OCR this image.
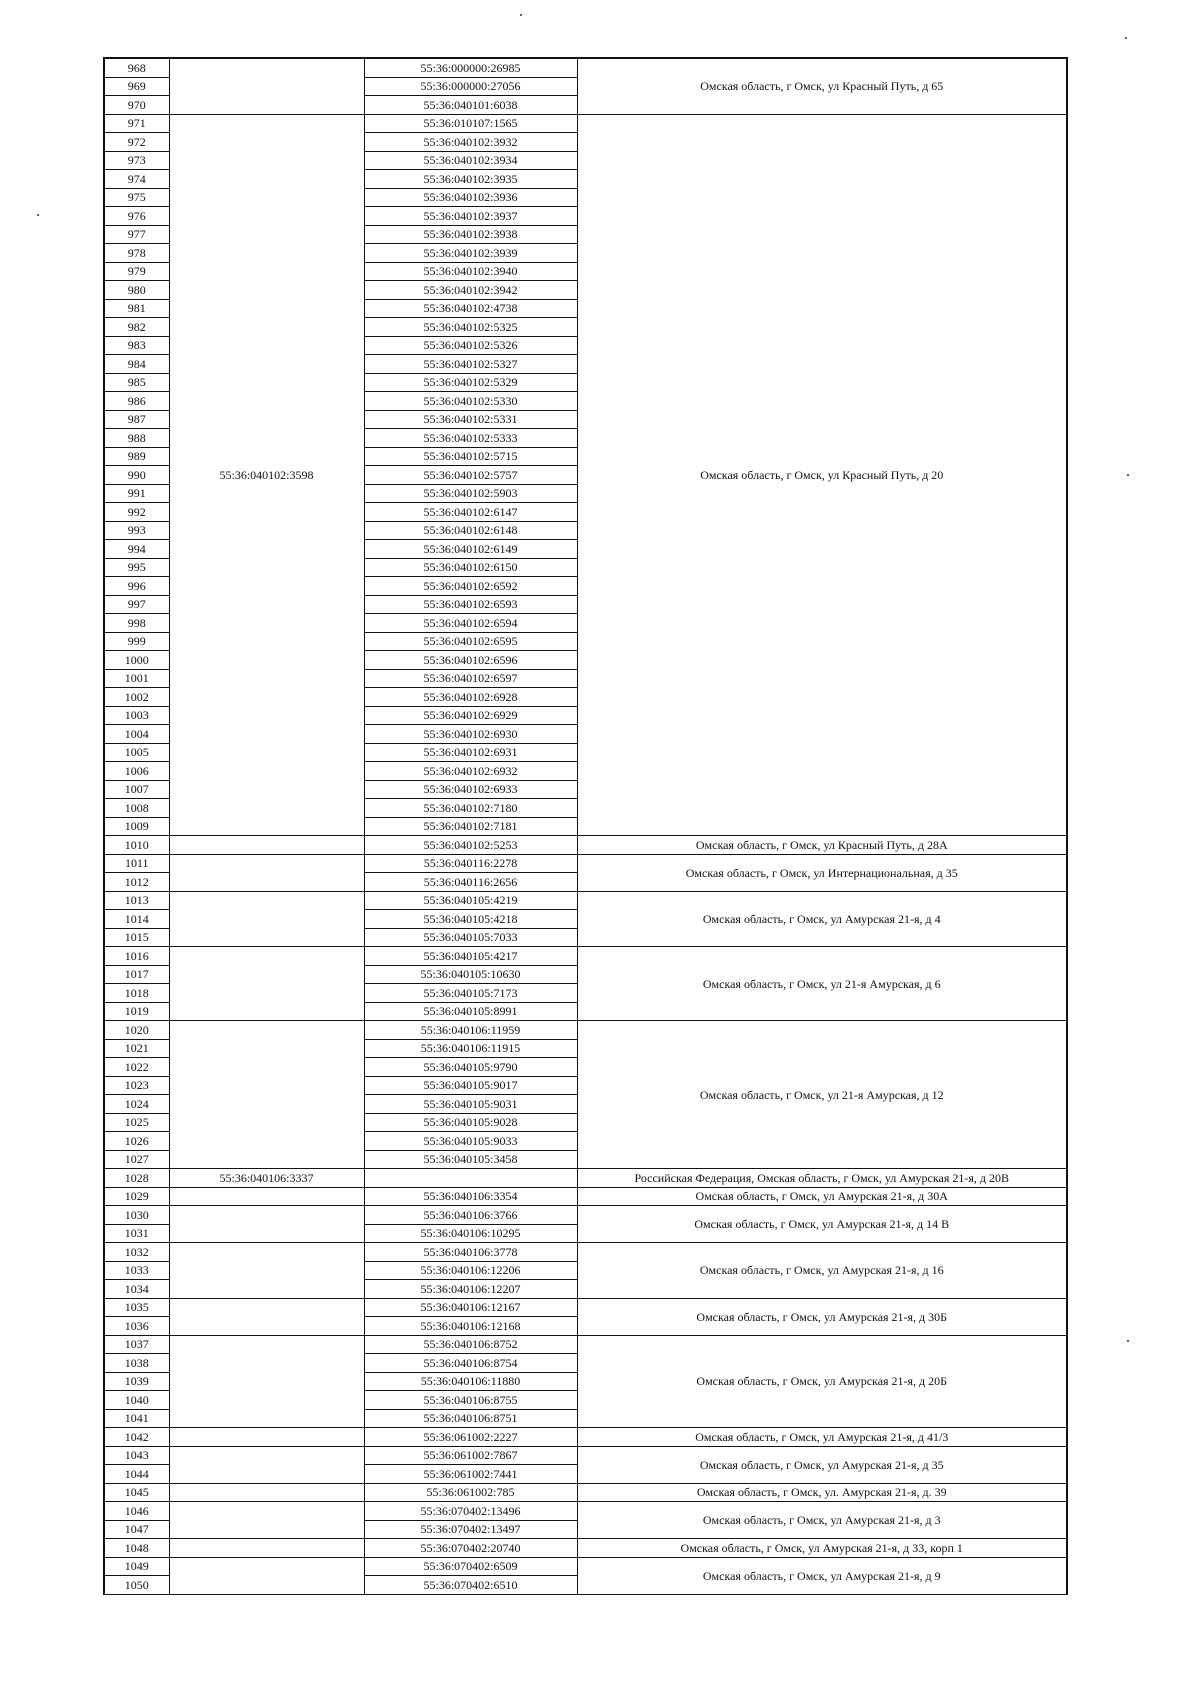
968		55:36:000000:26985	Омская область, г Омск, ул Красный Путь, д 65
969		55:36:000000:27056	
970		55:36:040101:6038	
971	55:36:040102:3598	55:36:010107:1565	Омская область, г Омск, ул Красный Путь, д 20
972		55:36:040102:3932	
973		55:36:040102:3934	
974		55:36:040102:3935	
975		55:36:040102:3936	
976		55:36:040102:3937	
977		55:36:040102:3938	
978		55:36:040102:3939	
979		55:36:040102:3940	
980		55:36:040102:3942	
981		55:36:040102:4738	
982		55:36:040102:5325	
983		55:36:040102:5326	
984		55:36:040102:5327	
985		55:36:040102:5329	
986		55:36:040102:5330	
987		55:36:040102:5331	
988		55:36:040102:5333	
989		55:36:040102:5715	
990		55:36:040102:5757	
991		55:36:040102:5903	
992		55:36:040102:6147	
993		55:36:040102:6148	
994		55:36:040102:6149	
995		55:36:040102:6150	
996		55:36:040102:6592	
997		55:36:040102:6593	
998		55:36:040102:6594	
999		55:36:040102:6595	
1000		55:36:040102:6596	
1001		55:36:040102:6597	
1002		55:36:040102:6928	
1003		55:36:040102:6929	
1004		55:36:040102:6930	
1005		55:36:040102:6931	
1006		55:36:040102:6932	
1007		55:36:040102:6933	
1008		55:36:040102:7180	
1009		55:36:040102:7181	
1010		55:36:040102:5253	Омская область, г Омск, ул Красный Путь, д 28А
1011		55:36:040116:2278	Омская область, г Омск, ул Интернациональная, д 35
1012		55:36:040116:2656	
1013		55:36:040105:4219	Омская область, г Омск, ул Амурская 21-я, д 4
1014		55:36:040105:4218	
1015		55:36:040105:7033	
1016		55:36:040105:4217	Омская область, г Омск, ул 21-я Амурская, д 6
1017		55:36:040105:10630	
1018		55:36:040105:7173	
1019		55:36:040105:8991	
1020		55:36:040106:11959	Омская область, г Омск, ул 21-я Амурская, д 12
1021		55:36:040106:11915	
1022		55:36:040105:9790	
1023		55:36:040105:9017	
1024		55:36:040105:9031	
1025		55:36:040105:9028	
1026		55:36:040105:9033	
1027		55:36:040105:3458	
1028	55:36:040106:3337		Российская Федерация, Омская область, г Омск, ул Амурская 21-я, д 20В
1029		55:36:040106:3354	Омская область, г Омск, ул Амурская 21-я, д 30А
1030		55:36:040106:3766	Омская область, г Омск, ул Амурская 21-я, д 14 В
1031		55:36:040106:10295	
1032		55:36:040106:3778	Омская область, г Омск, ул Амурская 21-я, д 16
1033		55:36:040106:12206	
1034		55:36:040106:12207	
1035		55:36:040106:12167	Омская область, г Омск, ул Амурская 21-я, д 30Б
1036		55:36:040106:12168	
1037		55:36:040106:8752	Омская область, г Омск, ул Амурская 21-я, д 20Б
1038		55:36:040106:8754	
1039		55:36:040106:11880	
1040		55:36:040106:8755	
1041		55:36:040106:8751	
1042		55:36:061002:2227	Омская область, г Омск, ул Амурская 21-я, д 41/3
1043		55:36:061002:7867	Омская область, г Омск, ул Амурская 21-я, д 35
1044		55:36:061002:7441	
1045		55:36:061002:785	Омская область, г Омск, ул. Амурская 21-я, д. 39
1046		55:36:070402:13496	Омская область, г Омск, ул Амурская 21-я, д 3
1047		55:36:070402:13497	
1048		55:36:070402:20740	Омская область, г Омск, ул Амурская 21-я, д 33, корп 1
1049		55:36:070402:6509	Омская область, г Омск, ул Амурская 21-я, д 9
1050		55:36:070402:6510	
